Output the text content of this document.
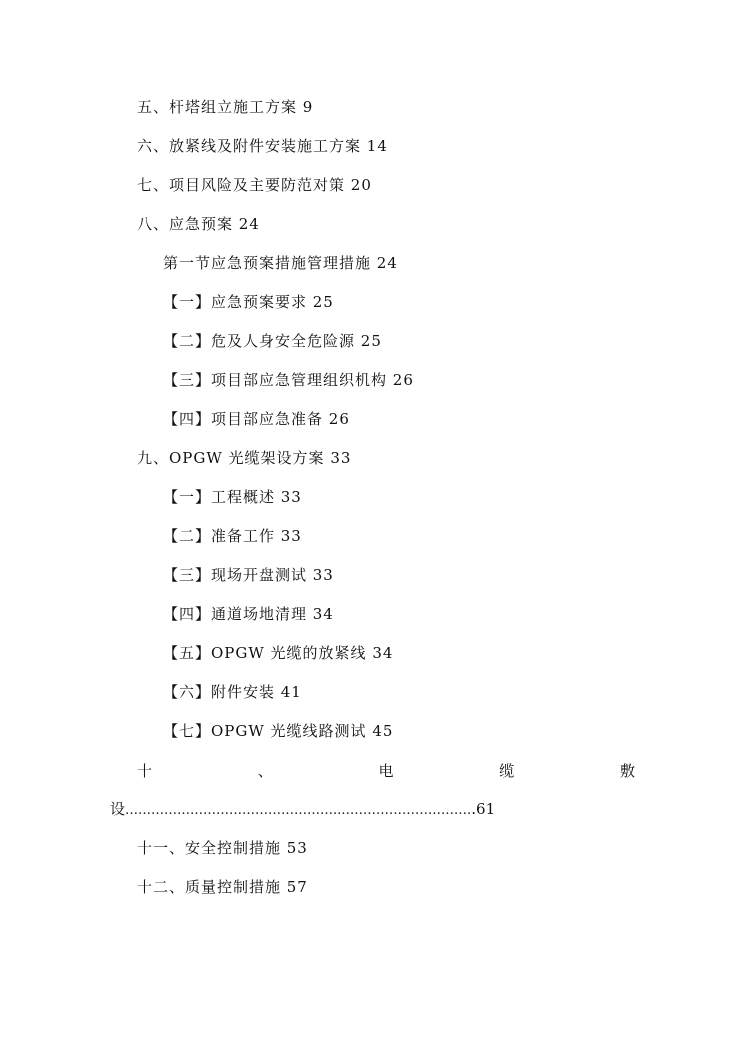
五、杆塔组立施工方案 9
六、放紧线及附件安装施工方案 14
七、项目风险及主要防范对策 20
八、应急预案 24
第一节应急预案措施管理措施 24
【一】应急预案要求 25
【二】危及人身安全危险源 25
【三】项目部应急管理组织机构 26
【四】项目部应急准备 26
九、OPGW 光缆架设方案 33
【一】工程概述 33
【二】准备工作 33
【三】现场开盘测试 33
【四】通道场地清理 34
【五】OPGW 光缆的放紧线 34
【六】附件安装 41
【七】OPGW 光缆线路测试 45
十	、	电	缆	敷
设…………………………………………..………………………….61
十一、安全控制措施 53
十二、质量控制措施 57
